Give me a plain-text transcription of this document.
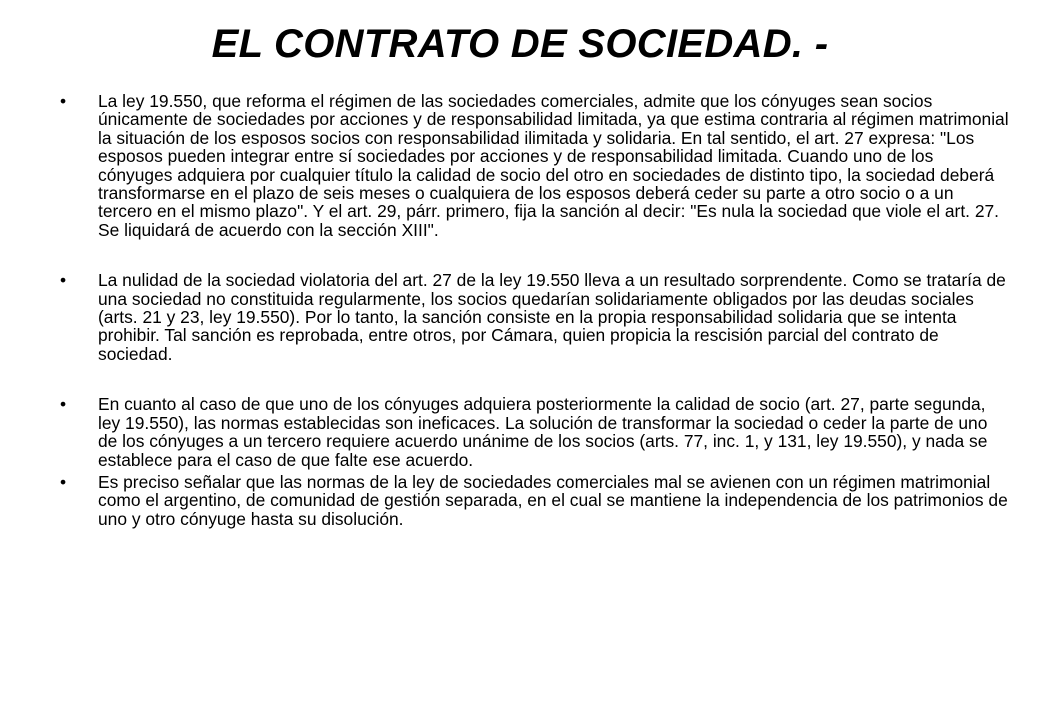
EL CONTRATO DE SOCIEDAD. -
• La ley 19.550, que reforma el régimen de las sociedades comerciales, admite que los cónyuges sean socios únicamente de sociedades por acciones y de responsabilidad limitada, ya que estima contraria al régimen matrimonial la situación de los esposos socios con responsabilidad ilimitada y solidaria. En tal sentido, el art. 27 expresa: "Los esposos pueden integrar entre sí sociedades por acciones y de responsabilidad limitada. Cuando uno de los cónyuges adquiera por cualquier título la calidad de socio del otro en sociedades de distinto tipo, la sociedad deberá transformarse en el plazo de seis meses o cualquiera de los esposos deberá ceder su parte a otro socio o a un tercero en el mismo plazo". Y el art. 29, párr. primero, fija la sanción al decir: "Es nula la sociedad que viole el art. 27. Se liquidará de acuerdo con la sección XIII".
• La nulidad de la sociedad violatoria del art. 27 de la ley 19.550 lleva a un resultado sorprendente. Como se trataría de una sociedad no constituida regularmente, los socios quedarían solidariamente obligados por las deudas sociales (arts. 21 y 23, ley 19.550). Por lo tanto, la sanción consiste en la propia responsabilidad solidaria que se intenta prohibir. Tal sanción es reprobada, entre otros, por Cámara, quien propicia la rescisión parcial del contrato de sociedad.
• En cuanto al caso de que uno de los cónyuges adquiera posteriormente la calidad de socio (art. 27, parte segunda, ley 19.550), las normas establecidas son ineficaces. La solución de transformar la sociedad o ceder la parte de uno de los cónyuges a un tercero requiere acuerdo unánime de los socios (arts. 77, inc. 1, y 131, ley 19.550), y nada se establece para el caso de que falte ese acuerdo.
• Es preciso señalar que las normas de la ley de sociedades comerciales mal se avienen con un régimen matrimonial como el argentino, de comunidad de gestión separada, en el cual se mantiene la independencia de los patrimonios de uno y otro cónyuge hasta su disolución.
